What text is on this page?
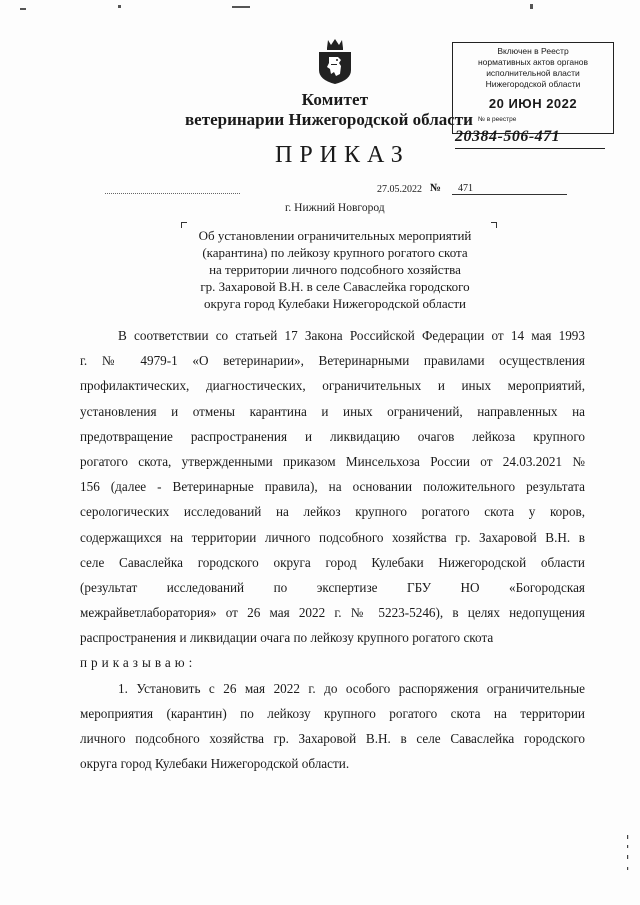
Комитет
ветеринарии Нижегородской области
ПРИКАЗ
Включен в Реестр
нормативных актов органов
исполнительной власти
Нижегородской области
20 ИЮН 2022
№ в реестре
20384-506-471
27.05.2022 №	471
г. Нижний Новгород
Об установлении ограничительных мероприятий
(карантина) по лейкозу крупного рогатого скота
на территории личного подсобного хозяйства
гр. Захаровой В.Н. в селе Саваслейка городского
округа город Кулебаки Нижегородской области
В соответствии со статьей 17 Закона Российской Федерации от 14 мая 1993
г. № 4979-1 «О ветеринарии», Ветеринарными правилами осуществления
профилактических, диагностических, ограничительных и иных мероприятий,
установления и отмены карантина и иных ограничений, направленных на
предотвращение распространения и ликвидацию очагов лейкоза крупного
рогатого скота, утвержденными приказом Минсельхоза России от 24.03.2021 №
156 (далее - Ветеринарные правила), на основании положительного результата
серологических исследований на лейкоз крупного рогатого скота у коров,
содержащихся на территории личного подсобного хозяйства гр. Захаровой В.Н. в
селе Саваслейка городского округа город Кулебаки Нижегородской области
(результат исследований по экспертизе ГБУ НО «Богородская
межрайветлаборатория» от 26 мая 2022 г. № 5223-5246), в целях недопущения
распространения и ликвидации очага по лейкозу крупного рогатого скота
приказываю:
1. Установить с 26 мая 2022 г. до особого распоряжения ограничительные
мероприятия (карантин) по лейкозу крупного рогатого скота на территории
личного подсобного хозяйства гр. Захаровой В.Н. в селе Саваслейка городского
округа город Кулебаки Нижегородской области.
